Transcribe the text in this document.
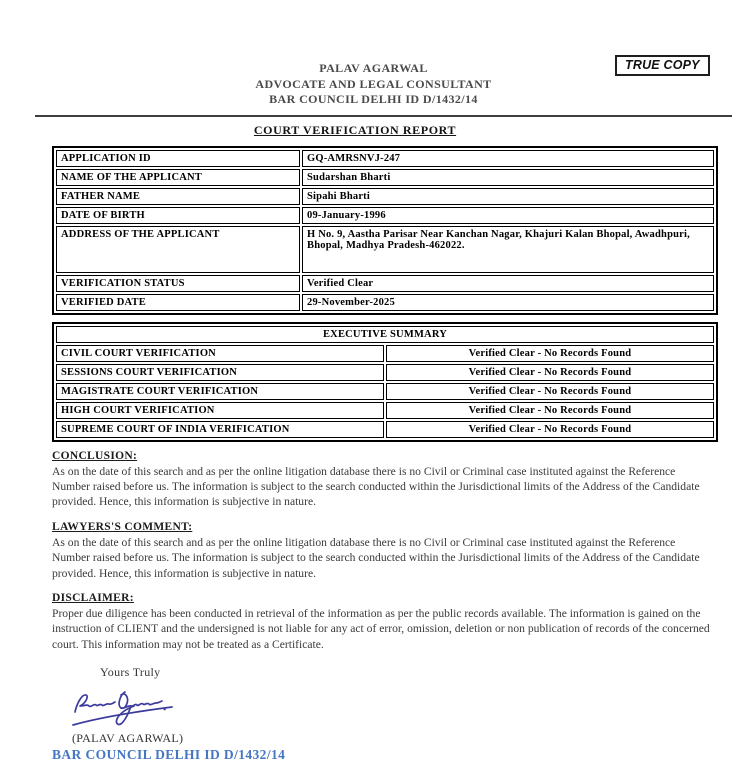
PALAV AGARWAL
ADVOCATE AND LEGAL CONSULTANT
BAR COUNCIL DELHI ID D/1432/14
TRUE COPY
COURT VERIFICATION REPORT
APPLICATION ID	GQ-AMRSNVJ-247
NAME OF THE APPLICANT	Sudarshan Bharti
FATHER NAME	Sipahi Bharti
DATE OF BIRTH	09-January-1996
ADDRESS OF THE APPLICANT	H No. 9, Aastha Parisar Near Kanchan Nagar, Khajuri Kalan Bhopal, Awadhpuri, Bhopal, Madhya Pradesh-462022.
VERIFICATION STATUS	Verified Clear
VERIFIED DATE	29-November-2025
EXECUTIVE SUMMARY	
CIVIL COURT VERIFICATION	Verified Clear - No Records Found
SESSIONS COURT VERIFICATION	Verified Clear - No Records Found
MAGISTRATE COURT VERIFICATION	Verified Clear - No Records Found
HIGH COURT VERIFICATION	Verified Clear - No Records Found
SUPREME COURT OF INDIA VERIFICATION	Verified Clear - No Records Found
CONCLUSION:

As on the date of this search and as per the online litigation database there is no Civil or Criminal case instituted against the Reference Number raised before us. The information is subject to the search conducted within the Jurisdictional limits of the Address of the Candidate provided. Hence, this information is subjective in nature.

LAWYERS'S COMMENT:

As on the date of this search and as per the online litigation database there is no Civil or Criminal case instituted against the Reference Number raised before us. The information is subject to the search conducted within the Jurisdictional limits of the Address of the Candidate provided. Hence, this information is subjective in nature.

DISCLAIMER:

Proper due diligence has been conducted in retrieval of the information as per the public records available. The information is gained on the instruction of CLIENT and the undersigned is not liable for any act of error, omission, deletion or non publication of records of the concerned court. This information may not be treated as a Certificate.

Yours Truly
(PALAV AGARWAL)
BAR COUNCIL DELHI ID D/1432/14
